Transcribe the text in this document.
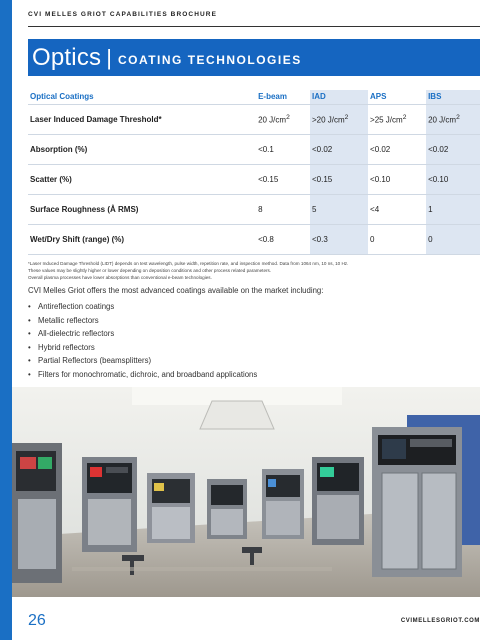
CVI MELLES GRIOT CAPABILITIES BROCHURE
Optics | COATING TECHNOLOGIES
Optical Coatings	E-beam	IAD	APS	IBS
Laser Induced Damage Threshold*	20 $J/cm^2$	>20 $J/cm^2$	>25 $J/cm^2$	20 $J/cm^2$
Absorption (%)	<0.1	<0.02	<0.02	<0.02
Scatter (%)	<0.15	<0.15	<0.10	<0.10
Surface Roughness (Å RMS)	8	5	<4	1
Wet/Dry Shift (range) (%)	<0.8	<0.3	0	0
*Laser Induced Damage Threshold (LIDT) depends on test wavelength, pulse width, repetition rate, and inspection method. Data from 1064 nm, 10 ns, 10 Hz.
These values may be slightly higher or lower depending on deposition conditions and other process related parameters.
Overall plasma processes have lower absorptions than conventional e-beam technologies.
CVI Melles Griot offers the most advanced coatings available on the market including:
• Antireflection coatings
• Metallic reflectors
• All-dielectric reflectors
• Hybrid reflectors
• Partial Reflectors (beamsplitters)
• Filters for monochromatic, dichroic, and broadband applications
26	CVIMELLESGRIOT.COM
